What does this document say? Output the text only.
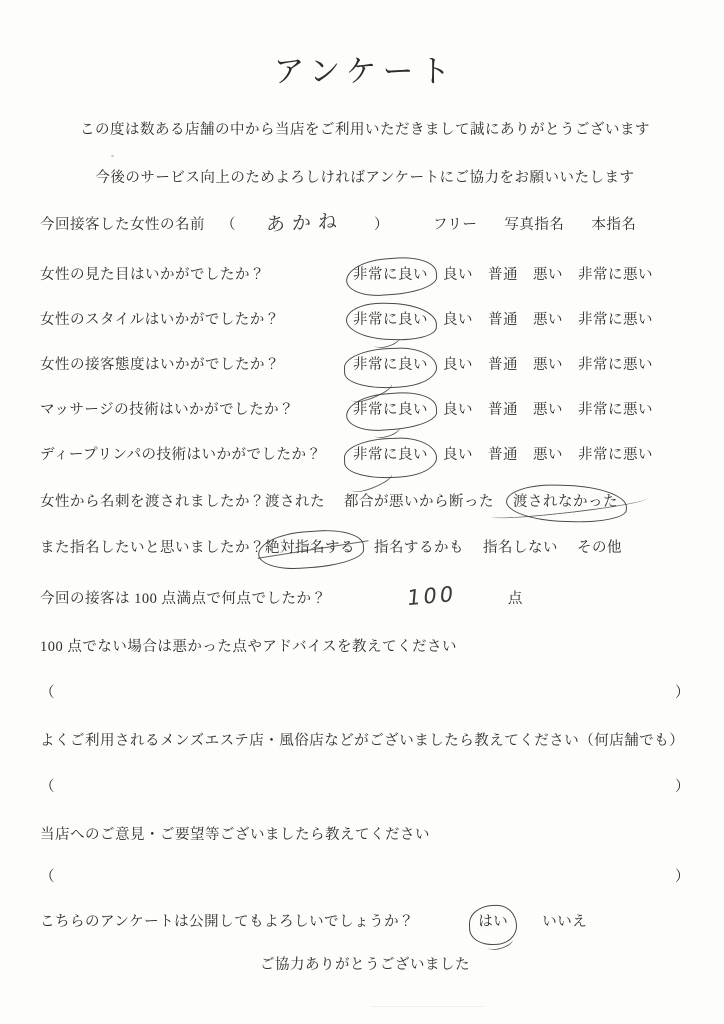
アンケート

この度は数ある店舗の中から当店をご利用いただきまして誠にありがとうございます

今後のサービス向上のためよろしければアンケートにご協力をお願いいたします

今回接客した女性の名前 （	あかね	）	フリー 写真指名 本指名
女性の見た目はいかがでしたか？	非常に良い 良い 普通 悪い 非常に悪い
女性のスタイルはいかがでしたか？	非常に良い 良い 普通 悪い 非常に悪い
女性の接客態度はいかがでしたか？	非常に良い 良い 普通 悪い 非常に悪い
マッサージの技術はいかがでしたか？	非常に良い 良い 普通 悪い 非常に悪い
ディープリンパの技術はいかがでしたか？	非常に良い 良い 普通 悪い 非常に悪い
女性から名刺を渡されましたか？ 渡された 都合が悪いから断った 渡されなかった
また指名したいと思いましたか？ 絶対指名する 指名するかも 指名しない その他
今回の接客は 100 点満点で何点でしたか？	100	点
100 点でない場合は悪かった点やアドバイスを教えてください
（	）
よくご利用されるメンズエステ店・風俗店などがございましたら教えてください（何店舗でも）
（	）
当店へのご意見・ご要望等ございましたら教えてください
（	）
こちらのアンケートは公開してもよろしいでしょうか？	はい いいえ

ご協力ありがとうございました
